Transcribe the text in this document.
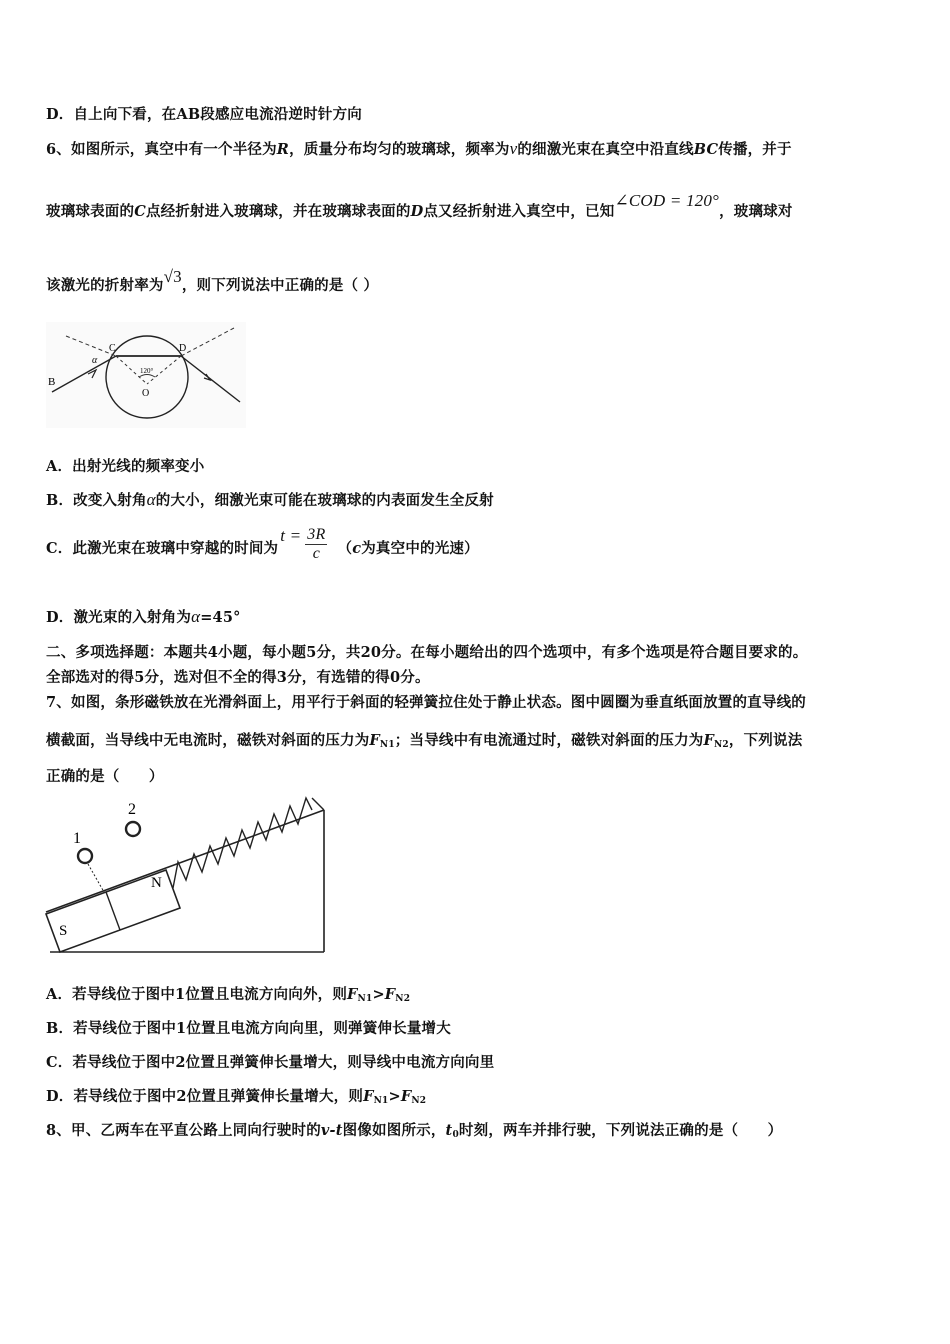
D．自上向下看，在AB段感应电流沿逆时针方向
6、如图所示，真空中有一个半径为R，质量分布均匀的玻璃球，频率为ν的细激光束在真空中沿直线BC传播，并于
玻璃球表面的C点经折射进入玻璃球，并在玻璃球表面的D点又经折射进入真空中，已知∠COD = 120°，玻璃球对
该激光的折射率为√3，则下列说法中正确的是（ ）
B
C	D
O
α
120°
A．出射光线的频率变小
B．改变入射角α的大小，细激光束可能在玻璃球的内表面发生全反射
C．此激光束在玻璃中穿越的时间为$t = \frac{3R}{c} (c$为真空中的光速）
D．激光束的入射角为α=45°
二、多项选择题：本题共4小题，每小题5分，共20分。在每小题给出的四个选项中，有多个选项是符合题目要求的。
全部选对的得5分，选对但不全的得3分，有选错的得0分。
7、如图，条形磁铁放在光滑斜面上，用平行于斜面的轻弹簧拉住处于静止状态。图中圆圈为垂直纸面放置的直导线的
横截面，当导线中无电流时，磁铁对斜面的压力为$F_{N1}$；当导线中有电流通过时，磁铁对斜面的压力为$F_{N2}$，下列说法
正确的是（　　）
1
2
N
S
A．若导线位于图中1位置且电流方向向外，则$F_{N1}>F_{N2}$
B．若导线位于图中1位置且电流方向向里，则弹簧伸长量增大
C．若导线位于图中2位置且弹簧伸长量增大，则导线中电流方向向里
D．若导线位于图中2位置且弹簧伸长量增大，则$F_{N1}>F_{N2}$
8、甲、乙两车在平直公路上同向行驶时的v-t图像如图所示，$t_0$时刻，两车并排行驶，下列说法正确的是（　　）
